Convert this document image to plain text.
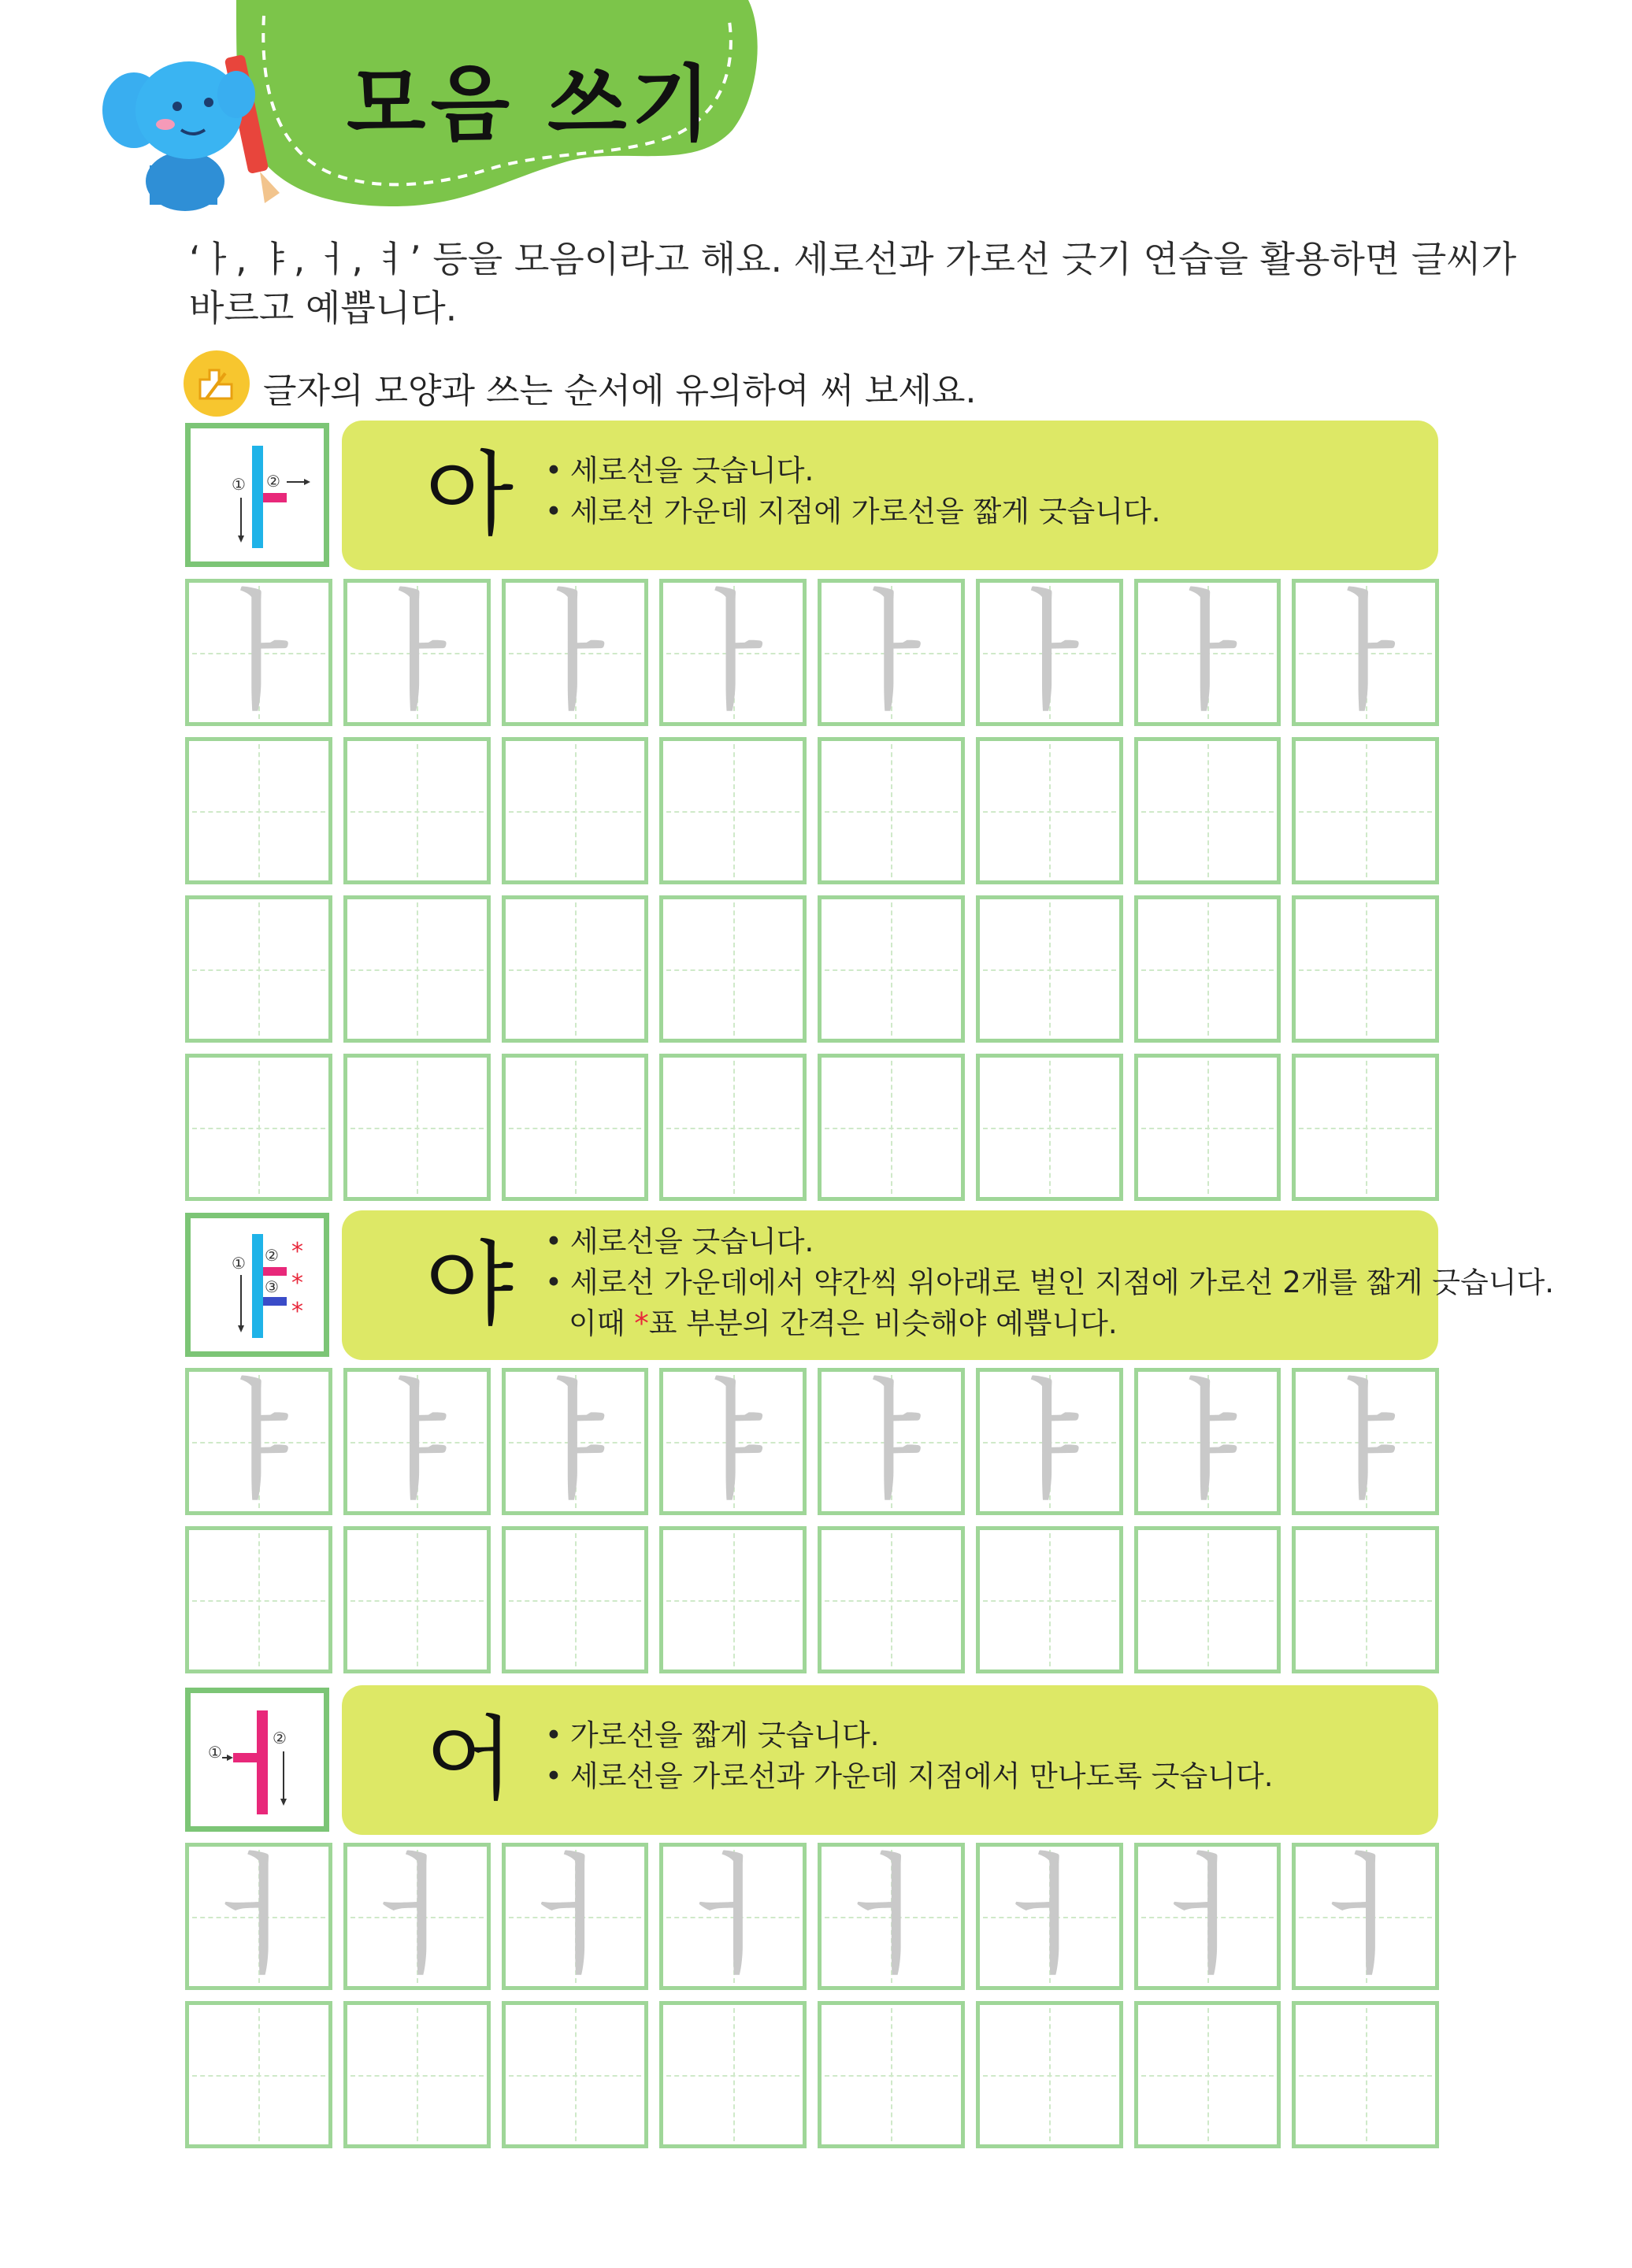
모음 쓰기
‘ㅏ, ㅑ, ㅓ, ㅕ’ 등을 모음이라고 해요. 세로선과 가로선 긋기 연습을 활용하면 글씨가
바르고 예쁩니다.
글자의 모양과 쓰는 순서에 유의하여 써 보세요.
① ② 아	• 세로선을 긋습니다.
• 세로선 가운데 지점에 가로선을 짧게 긋습니다.
ㅏ ㅏ ㅏ ㅏ ㅏ ㅏ ㅏ ㅏ
① ②
③
*
*
* 야	• 세로선을 긋습니다.
• 세로선 가운데에서 약간씩 위아래로 벌인 지점에 가로선 2개를 짧게 긋습니다.
이때 *표 부분의 간격은 비슷해야 예쁩니다.
ㅑ ㅑ ㅑ ㅑ ㅑ ㅑ ㅑ ㅑ
①
② 어	• 가로선을 짧게 긋습니다.
• 세로선을 가로선과 가운데 지점에서 만나도록 긋습니다.
ㅓ ㅓ ㅓ ㅓ ㅓ ㅓ ㅓ ㅓ
